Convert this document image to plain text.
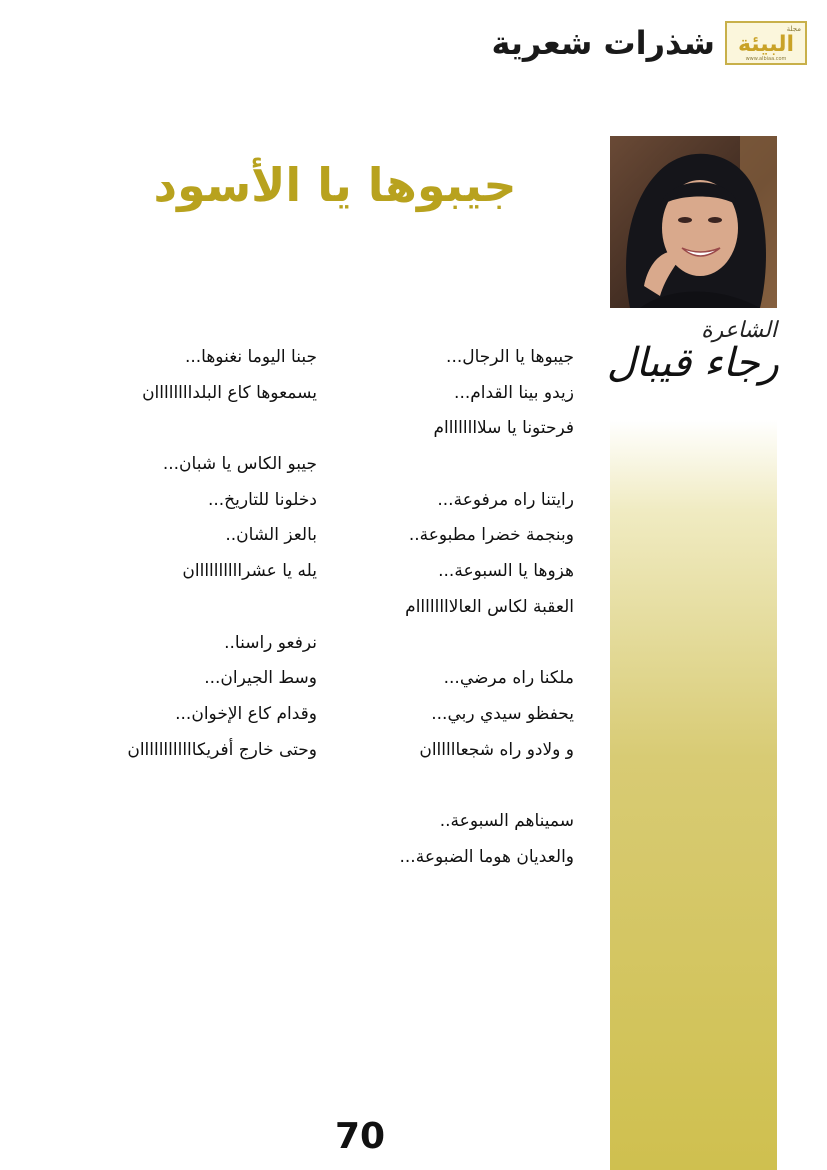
شذرات شعرية	مجلة
البيئة
www.albiaa.com
جيبوها يا الأسود
الشاعرة
رجاء قيبال
جيبوها يا الرجال...
زيدو بينا القدام...
فرحتونا يا سلاااااااام
رايتنا راه مرفوعة...
وبنجمة خضرا مطبوعة..
هزوها يا السبوعة...
العقبة لكاس العالاااااااام
ملكنا راه مرضي...
يحفظو سيدي ربي...
و ولادو راه شجعاااااان
سميناهم السبوعة..
والعديان هوما الضبوعة...
جبنا اليوما نغنوها...
يسمعوها كاع البلداااااااان
جيبو الكاس يا شبان...
دخلونا للتاريخ...
بالعز الشان..
يله يا عشراااااااااان
نرفعو راسنا..
وسط الجيران...
وقدام كاع الإخوان...
وحتى خارج أفريكاااااااااااان
70
